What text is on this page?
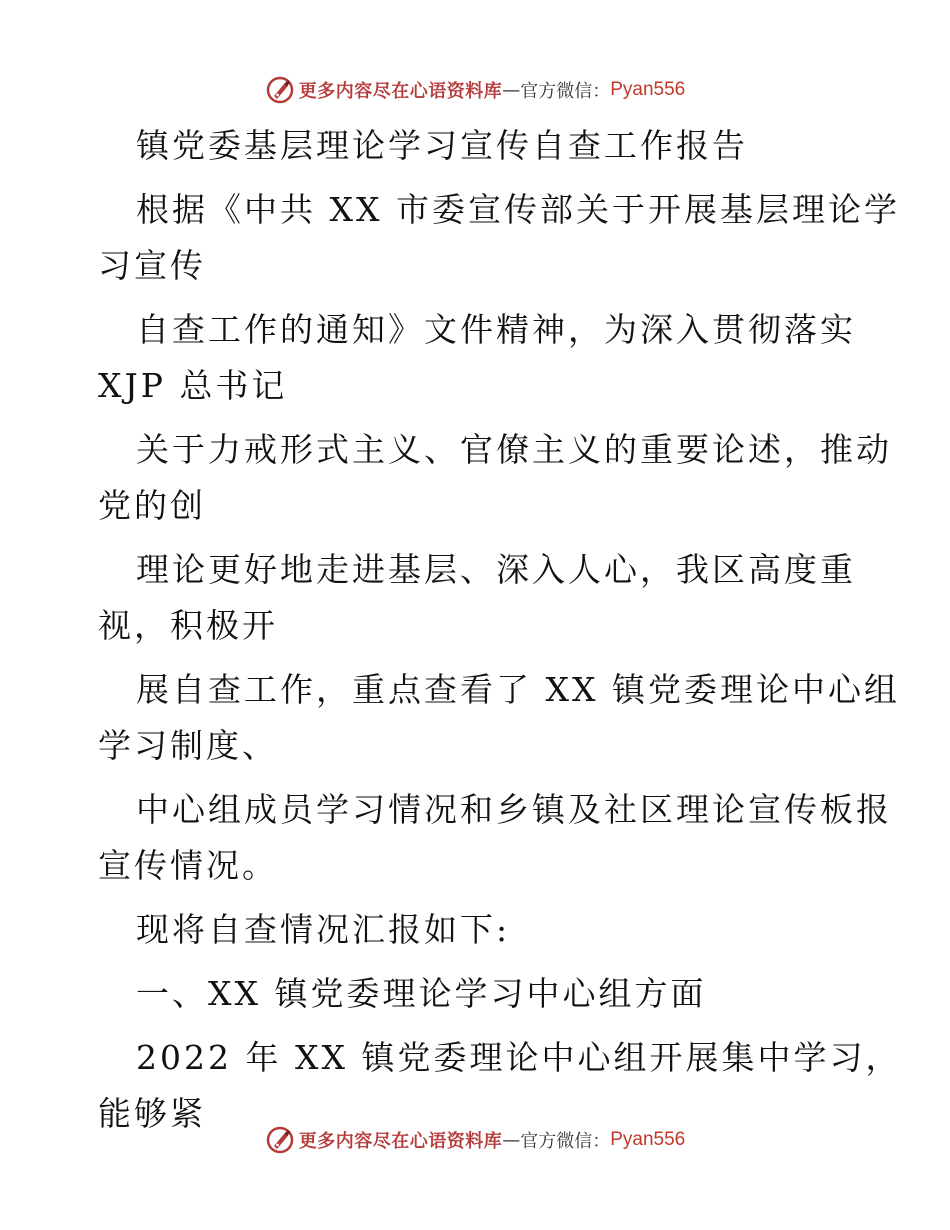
更多内容尽在心语资料库 — 官方微信： Pyan556
镇党委基层理论学习宣传自查工作报告
根据《中共 XX 市委宣传部关于开展基层理论学
习宣传
自查工作的通知》文件精神，为深入贯彻落实
XJP 总书记
关于力戒形式主义、官僚主义的重要论述，推动
党的创
理论更好地走进基层、深入人心，我区高度重
视，积极开
展自查工作，重点查看了 XX 镇党委理论中心组
学习制度、
中心组成员学习情况和乡镇及社区理论宣传板报
宣传情况。
现将自查情况汇报如下:
一、XX 镇党委理论学习中心组方面
2022 年 XX 镇党委理论中心组开展集中学习，
能够紧
更多内容尽在心语资料库 — 官方微信： Pyan556
